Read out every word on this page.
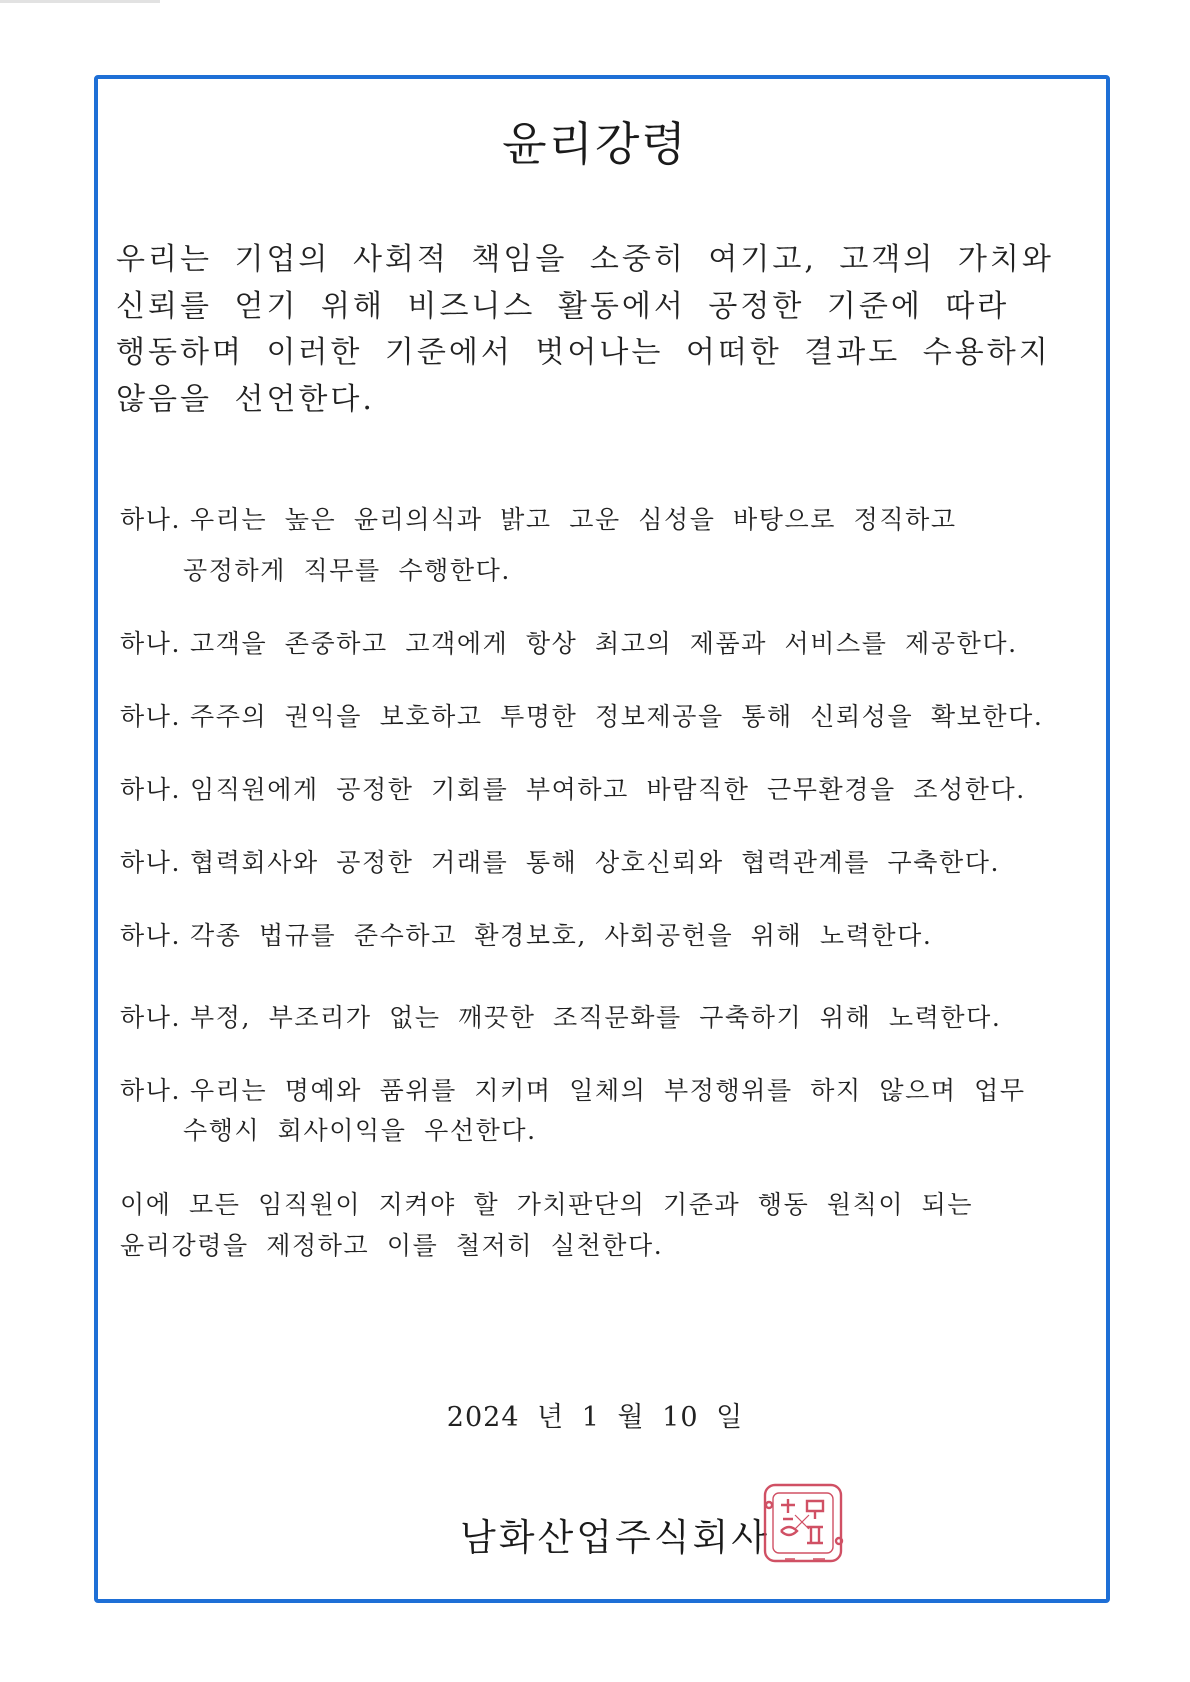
윤리강령

우리는 기업의 사회적 책임을 소중히 여기고, 고객의 가치와
신뢰를 얻기 위해 비즈니스 활동에서 공정한 기준에 따라
행동하며 이러한 기준에서 벗어나는 어떠한 결과도 수용하지
않음을 선언한다.

하나. 우리는 높은 윤리의식과 밝고 고운 심성을 바탕으로 정직하고
공정하게 직무를 수행한다.
하나. 고객을 존중하고 고객에게 항상 최고의 제품과 서비스를 제공한다.
하나. 주주의 권익을 보호하고 투명한 정보제공을 통해 신뢰성을 확보한다.
하나. 임직원에게 공정한 기회를 부여하고 바람직한 근무환경을 조성한다.
하나. 협력회사와 공정한 거래를 통해 상호신뢰와 협력관계를 구축한다.
하나. 각종 법규를 준수하고 환경보호, 사회공헌을 위해 노력한다.
하나. 부정, 부조리가 없는 깨끗한 조직문화를 구축하기 위해 노력한다.
하나. 우리는 명예와 품위를 지키며 일체의 부정행위를 하지 않으며 업무
수행시 회사이익을 우선한다.
이에 모든 임직원이 지켜야 할 가치판단의 기준과 행동 원칙이 되는
윤리강령을 제정하고 이를 철저히 실천한다.
2024 년 1 월 10 일
남화산업주식회사
